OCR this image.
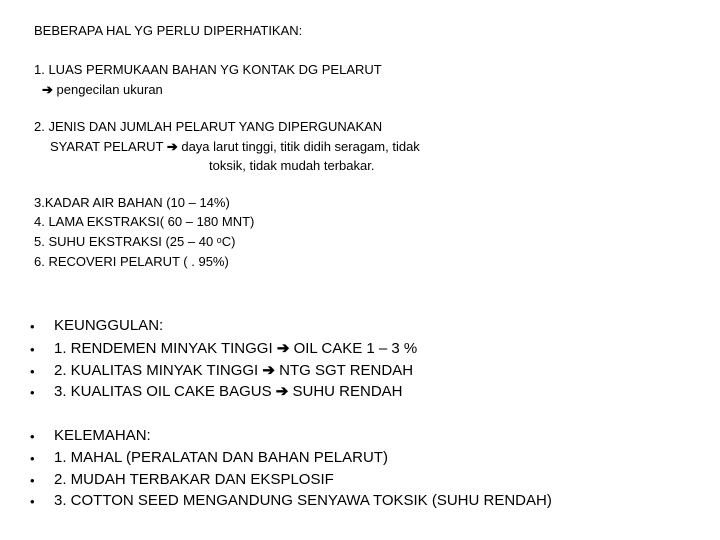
BEBERAPA HAL YG PERLU DIPERHATIKAN:
1. LUAS PERMUKAAN BAHAN YG KONTAK DG PELARUT
➔ pengecilan ukuran
2. JENIS DAN JUMLAH PELARUT YANG DIPERGUNAKAN
SYARAT PELARUT ➔ daya larut tinggi, titik didih seragam, tidak
toksik, tidak mudah terbakar.
3.KADAR AIR BAHAN (10 – 14%)
4. LAMA EKSTRAKSI( 60 – 180 MNT)
5. SUHU EKSTRAKSI (25 – 40 ᵒC)
6. RECOVERI PELARUT ( . 95%)
• KEUNGGULAN:
• 1. RENDEMEN MINYAK TINGGI ➔ OIL CAKE 1 – 3 %
• 2. KUALITAS MINYAK TINGGI ➔ NTG SGT RENDAH
• 3. KUALITAS OIL CAKE BAGUS ➔ SUHU RENDAH
• KELEMAHAN:
• 1. MAHAL (PERALATAN DAN BAHAN PELARUT)
• 2. MUDAH TERBAKAR DAN EKSPLOSIF
• 3. COTTON SEED MENGANDUNG SENYAWA TOKSIK (SUHU RENDAH)
